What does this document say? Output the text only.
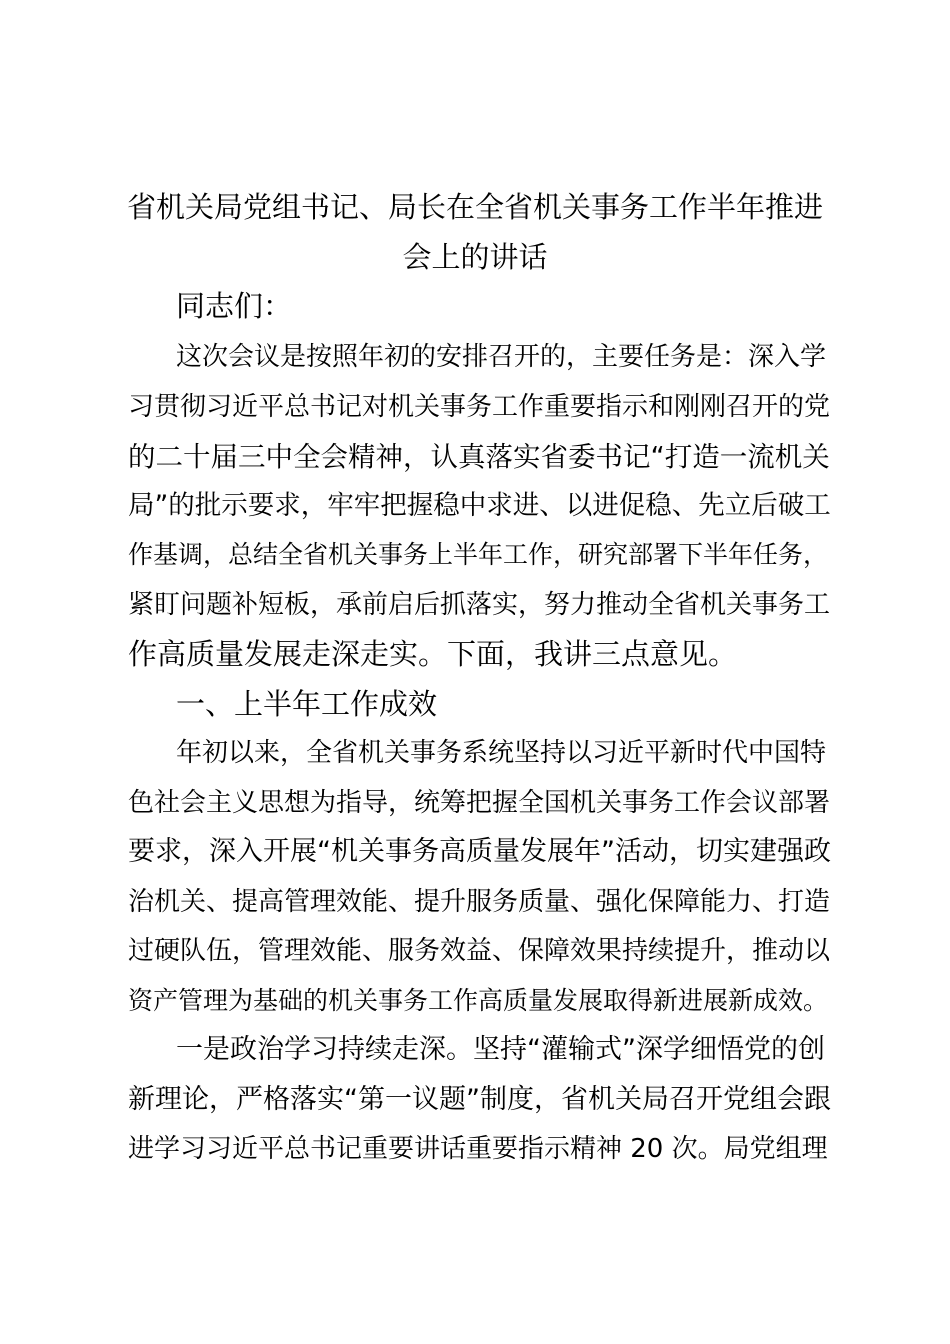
省机关局党组书记、局长在全省机关事务工作半年推进
会上的讲话
同志们：
这次会议是按照年初的安排召开的，主要任务是：深入学
习贯彻习近平总书记对机关事务工作重要指示和刚刚召开的党
的二十届三中全会精神，认真落实省委书记“打造一流机关
局”的批示要求，牢牢把握稳中求进、以进促稳、先立后破工
作基调，总结全省机关事务上半年工作，研究部署下半年任务，
紧盯问题补短板，承前启后抓落实，努力推动全省机关事务工
作高质量发展走深走实。下面，我讲三点意见。
一、上半年工作成效
年初以来，全省机关事务系统坚持以习近平新时代中国特
色社会主义思想为指导，统筹把握全国机关事务工作会议部署
要求，深入开展“机关事务高质量发展年”活动，切实建强政
治机关、提高管理效能、提升服务质量、强化保障能力、打造
过硬队伍，管理效能、服务效益、保障效果持续提升，推动以
资产管理为基础的机关事务工作高质量发展取得新进展新成效。
一是政治学习持续走深。坚持“灌输式”深学细悟党的创
新理论，严格落实“第一议题”制度，省机关局召开党组会跟
进学习习近平总书记重要讲话重要指示精神 20 次。局党组理
